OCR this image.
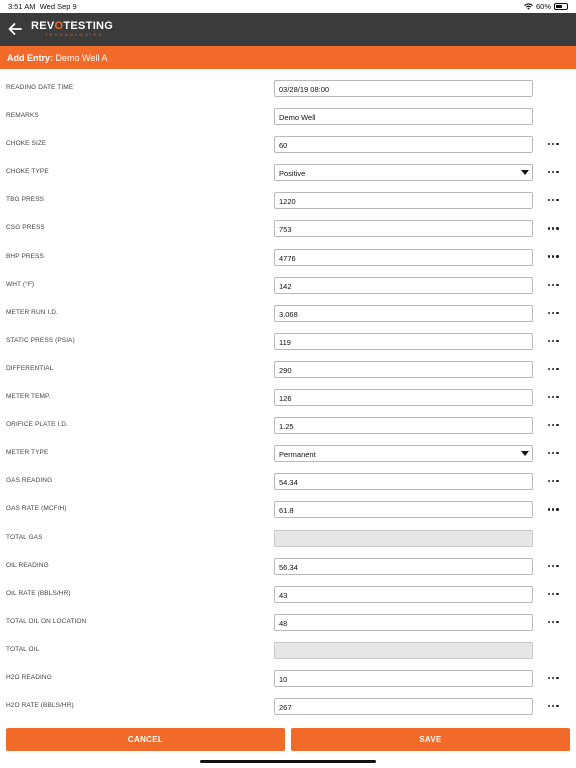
3:51 AM Wed Sep 9	60%
REVOTESTING
TECHNOLOGIES
Add Entry: Demo Well A
READING DATE TIME	03/28/19 08:00
REMARKS	Demo Well
CHOKE SIZE	60
CHOKE TYPE	Positive
TBG PRESS	1220
CSG PRESS	753
BHP PRESS	4776
WHT (°F)	142
METER RUN I.D.	3.068
STATIC PRESS (PSIA)	119
DIFFERENTIAL	290
METER TEMP.	126
ORIFICE PLATE I.D.	1.25
METER TYPE	Permanent
GAS READING	54.34
GAS RATE (MCF/H)	61.8
TOTAL GAS
OIL READING	56.34
OIL RATE (BBLS/HR)	43
TOTAL OIL ON LOCATION	48
TOTAL OIL
H2O READING	10
H2O RATE (BBLS/HR)	267
CANCEL	SAVE
